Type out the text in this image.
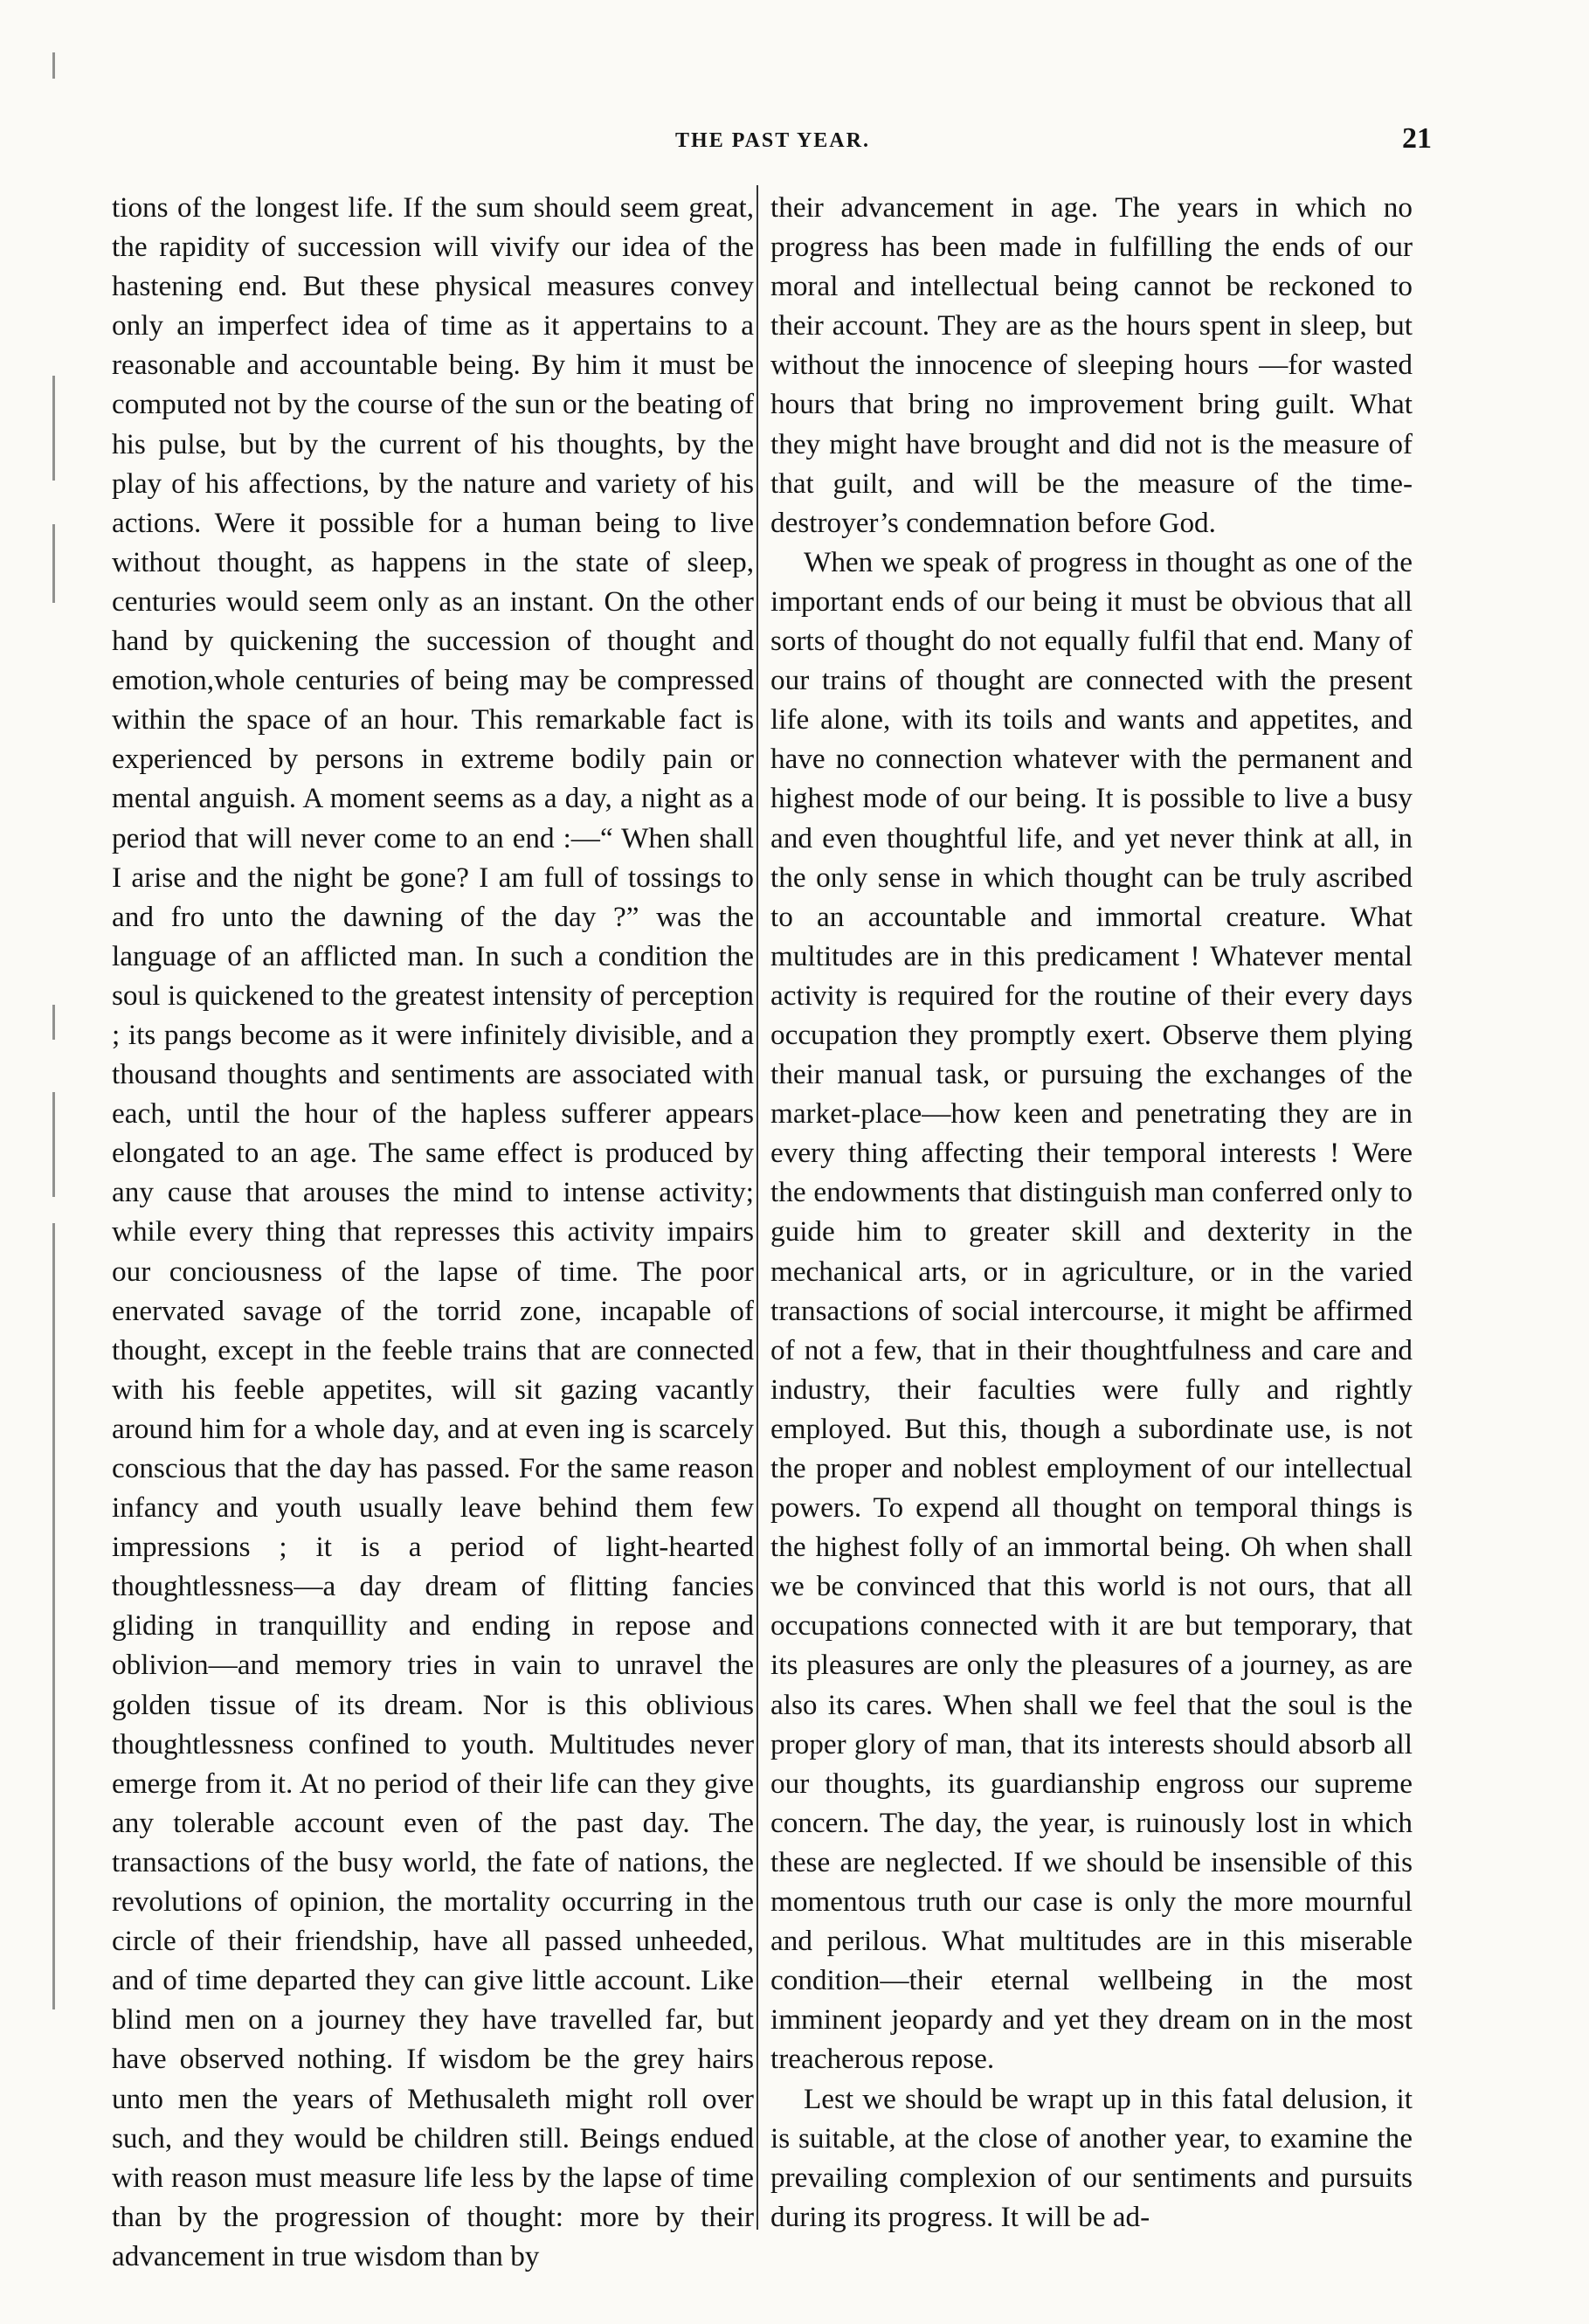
THE PAST YEAR.	21

tions of the longest life. If the sum should seem great, the rapidity of succession will vivify our idea of the hastening end. But these physical measures convey only an imperfect idea of time as it appertains to a reasonable and accountable being. By him it must be computed not by the course of the sun or the beating of his pulse, but by the current of his thoughts, by the play of his affections, by the nature and variety of his actions. Were it possible for a human being to live without thought, as happens in the state of sleep, centuries would seem only as an instant. On the other hand by quickening the succession of thought and emotion,whole centuries of being may be compressed within the space of an hour. This remarkable fact is experienced by persons in extreme bodily pain or mental anguish. A moment seems as a day, a night as a period that will never come to an end :—“ When shall I arise and the night be gone? I am full of tossings to and fro unto the dawning of the day ?” was the language of an afflicted man. In such a condition the soul is quickened to the greatest intensity of perception ; its pangs become as it were infinitely divisible, and a thousand thoughts and sentiments are associated with each, until the hour of the hapless sufferer appears elongated to an age. The same effect is produced by any cause that arouses the mind to intense activity; while every thing that represses this activity impairs our conciousness of the lapse of time. The poor enervated savage of the torrid zone, incapable of thought, except in the feeble trains that are connected with his feeble appetites, will sit gazing vacantly around him for a whole day, and at even ing is scarcely conscious that the day has passed. For the same reason infancy and youth usually leave behind them few impressions ; it is a period of light-hearted thoughtlessness—a day dream of flitting fancies gliding in tranquillity and ending in repose and oblivion—and memory tries in vain to unravel the golden tissue of its dream. Nor is this oblivious thoughtlessness confined to youth. Multitudes never emerge from it. At no period of their life can they give any tolerable account even of the past day. The transactions of the busy world, the fate of nations, the revolutions of opinion, the mortality occurring in the circle of their friendship, have all passed unheeded, and of time departed they can give little account. Like blind men on a journey they have travelled far, but have observed nothing. If wisdom be the grey hairs unto men the years of Methusaleth might roll over such, and they would be children still. Beings endued with reason must measure life less by the lapse of time than by the progression of thought: more by their advancement in true wisdom than by

their advancement in age. The years in which no progress has been made in fulfilling the ends of our moral and intellectual being cannot be reckoned to their account. They are as the hours spent in sleep, but without the innocence of sleeping hours —for wasted hours that bring no improvement bring guilt. What they might have brought and did not is the measure of that guilt, and will be the measure of the time-destroyer’s condemnation before God.

When we speak of progress in thought as one of the important ends of our being it must be obvious that all sorts of thought do not equally fulfil that end. Many of our trains of thought are connected with the present life alone, with its toils and wants and appetites, and have no connection whatever with the permanent and highest mode of our being. It is possible to live a busy and even thoughtful life, and yet never think at all, in the only sense in which thought can be truly ascribed to an accountable and immortal creature. What multitudes are in this predicament ! Whatever mental activity is required for the routine of their every days occupation they promptly exert. Observe them plying their manual task, or pursuing the exchanges of the market-place—how keen and penetrating they are in every thing affecting their temporal interests ! Were the endowments that distinguish man conferred only to guide him to greater skill and dexterity in the mechanical arts, or in agriculture, or in the varied transactions of social intercourse, it might be affirmed of not a few, that in their thoughtfulness and care and industry, their faculties were fully and rightly employed. But this, though a subordinate use, is not the proper and noblest employment of our intellectual powers. To expend all thought on temporal things is the highest folly of an immortal being. Oh when shall we be convinced that this world is not ours, that all occupations connected with it are but temporary, that its pleasures are only the pleasures of a journey, as are also its cares. When shall we feel that the soul is the proper glory of man, that its interests should absorb all our thoughts, its guardianship engross our supreme concern. The day, the year, is ruinously lost in which these are neglected. If we should be insensible of this momentous truth our case is only the more mournful and perilous. What multitudes are in this miserable condition—their eternal wellbeing in the most imminent jeopardy and yet they dream on in the most treacherous repose.

Lest we should be wrapt up in this fatal delusion, it is suitable, at the close of another year, to examine the prevailing complexion of our sentiments and pursuits during its progress. It will be ad-
